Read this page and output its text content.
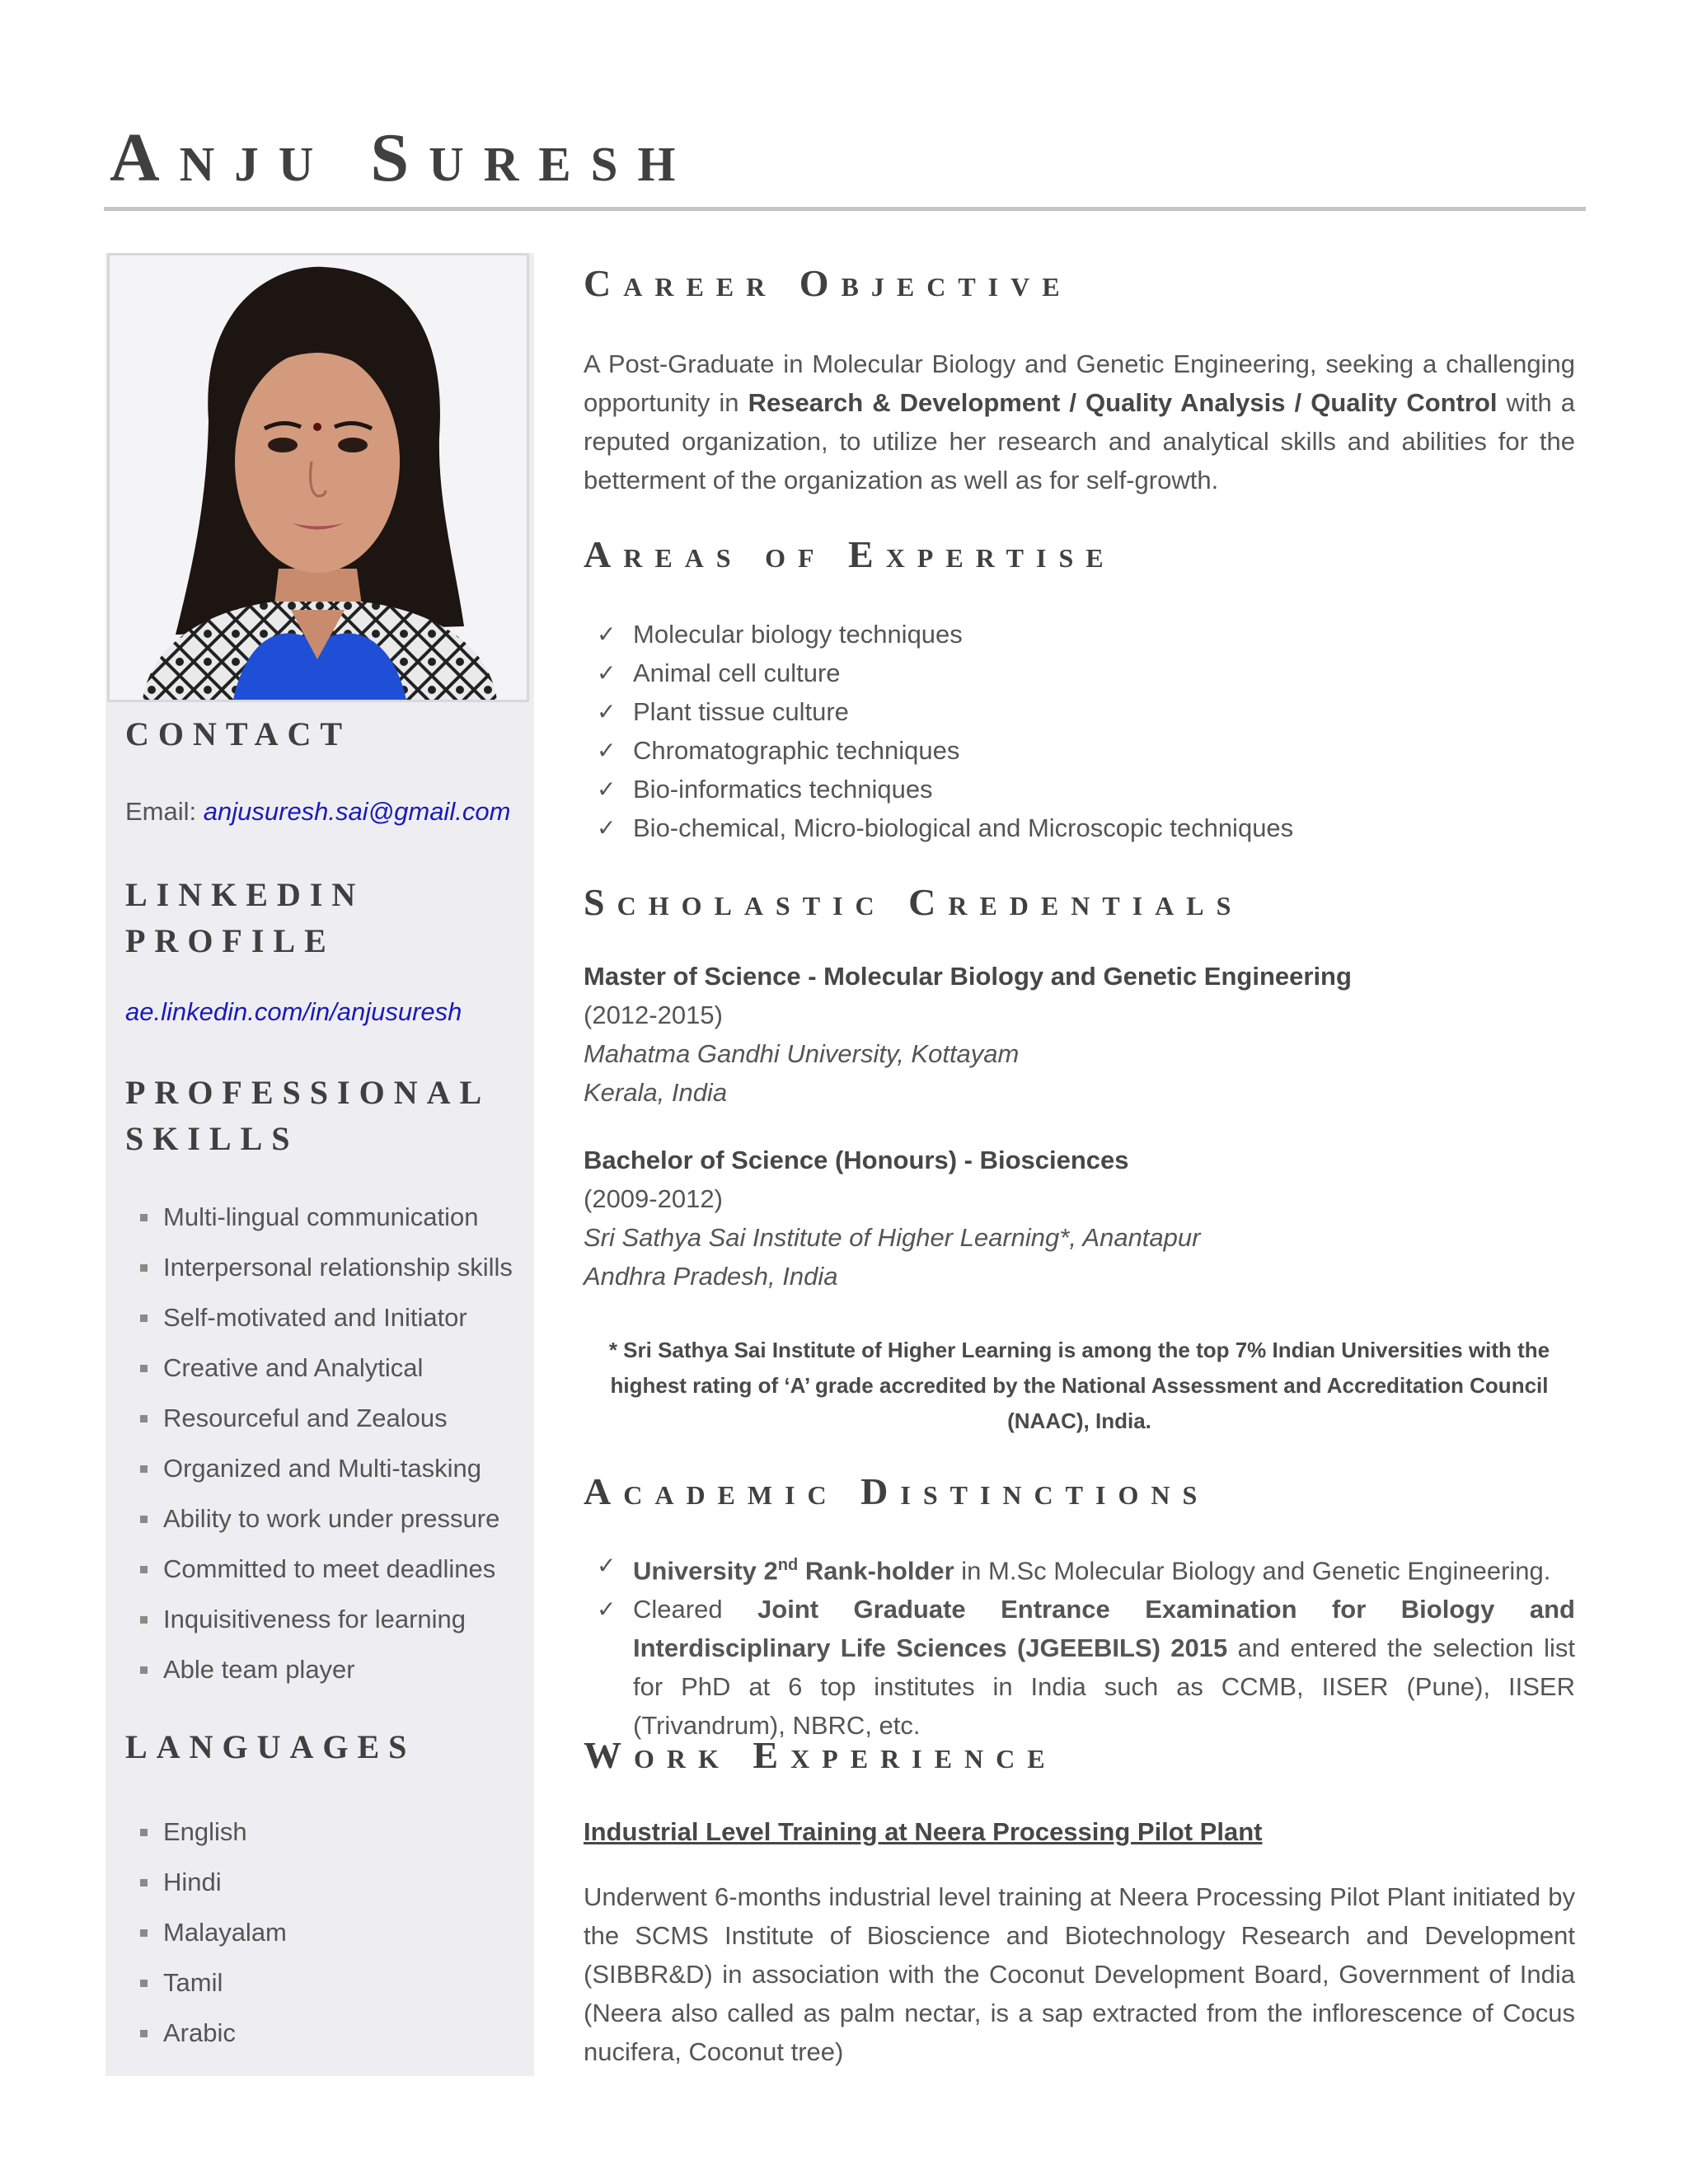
Anju Suresh
CONTACT

Email: anjusuresh.sai@gmail.com

LINKEDIN
PROFILE

ae.linkedin.com/in/anjusuresh

PROFESSIONAL
SKILLS
Multi-lingual communication
Interpersonal relationship skills
Self-motivated and Initiator
Creative and Analytical
Resourceful and Zealous
Organized and Multi-tasking
Ability to work under pressure
Committed to meet deadlines
Inquisitiveness for learning
Able team player
LANGUAGES
English
Hindi
Malayalam
Tamil
Arabic
Career Objective

A Post-Graduate in Molecular Biology and Genetic Engineering, seeking a challenging opportunity in Research & Development / Quality Analysis / Quality Control with a reputed organization, to utilize her research and analytical skills and abilities for the betterment of the organization as well as for self-growth.

Areas of Expertise
✓ Molecular biology techniques
✓ Animal cell culture
✓ Plant tissue culture
✓ Chromatographic techniques
✓ Bio-informatics techniques
✓ Bio-chemical, Micro-biological and Microscopic techniques
Scholastic Credentials
Master of Science - Molecular Biology and Genetic Engineering
(2012-2015)
Mahatma Gandhi University, Kottayam
Kerala, India
Bachelor of Science (Honours) - Biosciences
(2009-2012)
Sri Sathya Sai Institute of Higher Learning*, Anantapur
Andhra Pradesh, India

* Sri Sathya Sai Institute of Higher Learning is among the top 7% Indian Universities with the highest rating of ‘A’ grade accredited by the National Assessment and Accreditation Council (NAAC), India.

Academic Distinctions
✓ University 2nd Rank-holder in M.Sc Molecular Biology and Genetic Engineering.
✓ Cleared Joint Graduate Entrance Examination for Biology and Interdisciplinary Life Sciences (JGEEBILS) 2015 and entered the selection list for PhD at 6 top institutes in India such as CCMB, IISER (Pune), IISER (Trivandrum), NBRC, etc.
Work Experience

Industrial Level Training at Neera Processing Pilot Plant

Underwent 6-months industrial level training at Neera Processing Pilot Plant initiated by the SCMS Institute of Bioscience and Biotechnology Research and Development (SIBBR&D) in association with the Coconut Development Board, Government of India (Neera also called as palm nectar, is a sap extracted from the inflorescence of Cocus nucifera, Coconut tree)
